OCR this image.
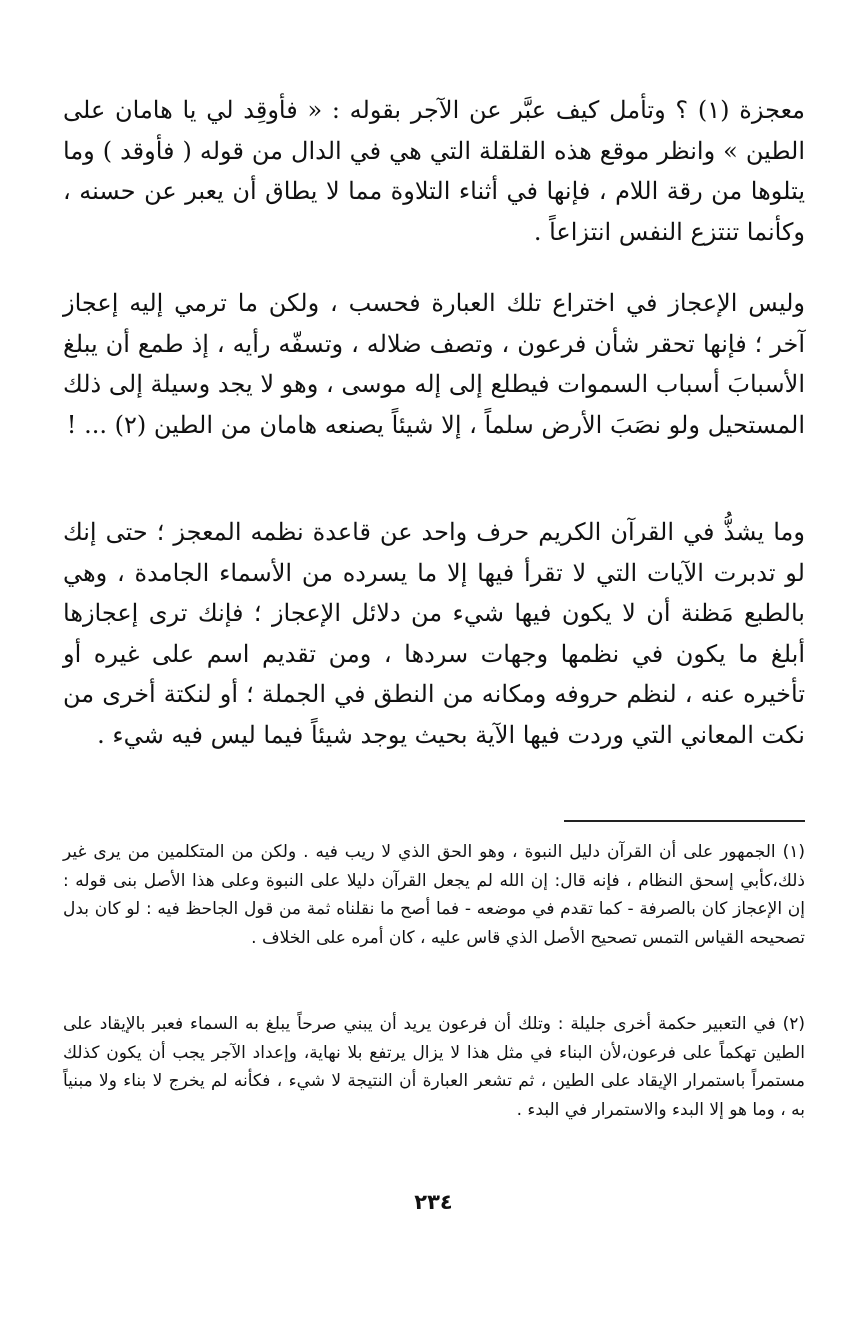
معجزة (١) ؟ وتأمل كيف عبَّر عن الآجر بقوله : « فأوقِد لي يا هامان على الطين » وانظر موقع هذه القلقلة التي هي في الدال من قوله ( فأوقد ) وما يتلوها من رقة اللام ، فإنها في أثناء التلاوة مما لا يطاق أن يعبر عن حسنه ، وكأنما تنتزع النفس انتزاعاً .

وليس الإعجاز في اختراع تلك العبارة فحسب ، ولكن ما ترمي إليه إعجاز آخر ؛ فإنها تحقر شأن فرعون ، وتصف ضلاله ، وتسفّه رأيه ، إذ طمع أن يبلغ الأسبابَ أسباب السموات فيطلع إلى إله موسى ، وهو لا يجد وسيلة إلى ذلك المستحيل ولو نصَبَ الأرض سلماً ، إلا شيئاً يصنعه هامان من الطين (٢) ... !

وما يشذُّ في القرآن الكريم حرف واحد عن قاعدة نظمه المعجز ؛ حتى إنك لو تدبرت الآيات التي لا تقرأ فيها إلا ما يسرده من الأسماء الجامدة ، وهي بالطبع مَظنة أن لا يكون فيها شيء من دلائل الإعجاز ؛ فإنك ترى إعجازها أبلغ ما يكون في نظمها وجهات سردها ، ومن تقديم اسم على غيره أو تأخيره عنه ، لنظم حروفه ومكانه من النطق في الجملة ؛ أو لنكتة أخرى من نكت المعاني التي وردت فيها الآية بحيث يوجد شيئاً فيما ليس فيه شيء .

(١) الجمهور على أن القرآن دليل النبوة ، وهو الحق الذي لا ريب فيه . ولكن من المتكلمين من يرى غير ذلك،كأبي إسحق النظام ، فإنه قال: إن الله لم يجعل القرآن دليلا على النبوة وعلى هذا الأصل بنى قوله : إن الإعجاز كان بالصرفة - كما تقدم في موضعه - فما أصح ما نقلناه ثمة من قول الجاحظ فيه : لو كان بدل تصحيحه القياس التمس تصحيح الأصل الذي قاس عليه ، كان أمره على الخلاف .

(٢) في التعبير حكمة أخرى جليلة : وتلك أن فرعون يريد أن يبني صرحاً يبلغ به السماء فعبر بالإيقاد على الطين تهكماً على فرعون،لأن البناء في مثل هذا لا يزال يرتفع بلا نهاية، وإعداد الآجر يجب أن يكون كذلك مستمراً باستمرار الإيقاد على الطين ، ثم تشعر العبارة أن النتيجة لا شيء ، فكأنه لم يخرج لا بناء ولا مبنياً به ، وما هو إلا البدء والاستمرار في البدء .

٢٣٤
